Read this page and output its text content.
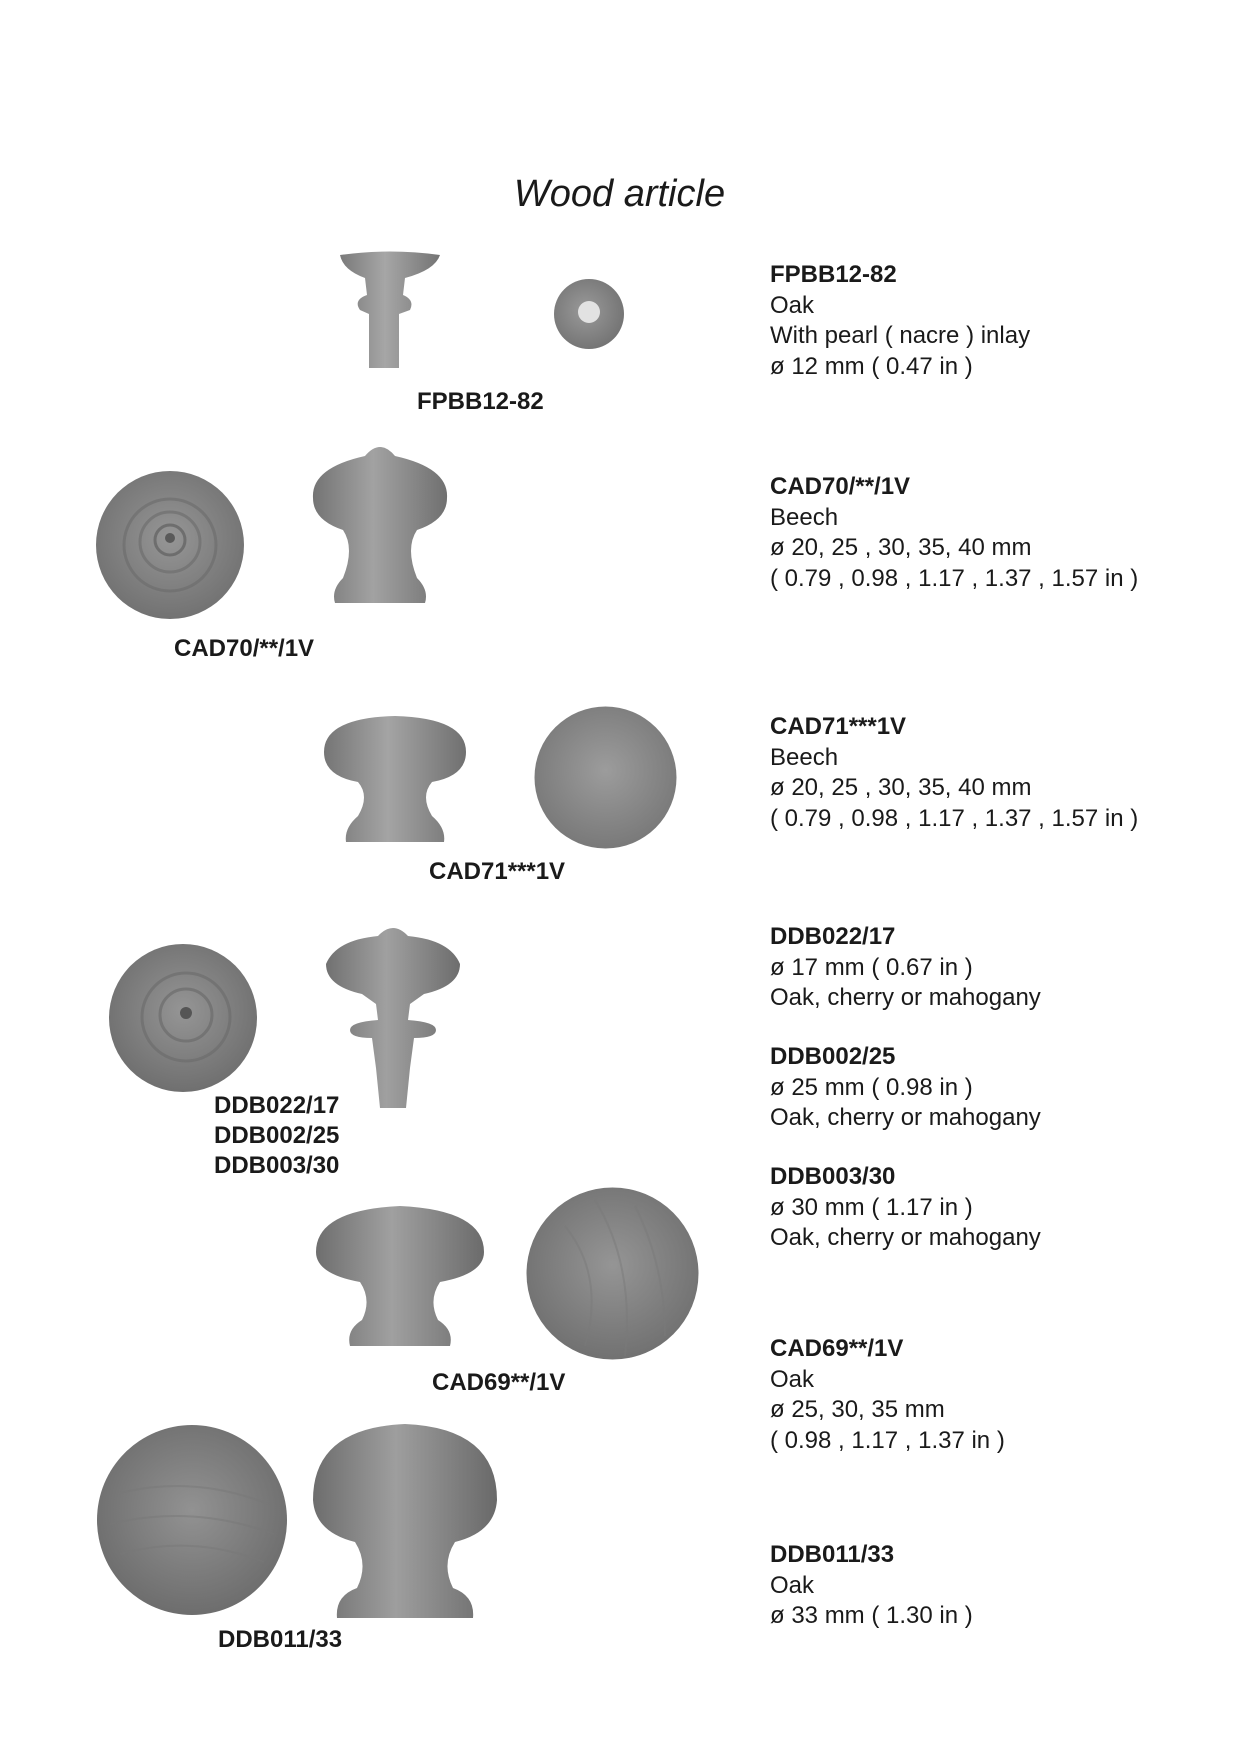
Wood article
FPBB12-82
FPBB12-82
Oak
With pearl ( nacre ) inlay
ø 12 mm ( 0.47 in )
CAD70/**/1V
CAD70/**/1V
Beech
ø 20, 25 , 30, 35, 40 mm
( 0.79 , 0.98 , 1.17 , 1.37 , 1.57 in )
CAD71***1V
CAD71***1V
Beech
ø 20, 25 , 30, 35, 40 mm
( 0.79 , 0.98 , 1.17 , 1.37 , 1.57 in )
DDB022/17
DDB002/25
DDB003/30
DDB022/17
ø 17 mm ( 0.67 in )
Oak, cherry or mahogany
DDB002/25
ø 25 mm ( 0.98 in )
Oak, cherry or mahogany
DDB003/30
ø 30 mm ( 1.17 in )
Oak, cherry or mahogany
CAD69**/1V
CAD69**/1V
Oak
ø 25, 30, 35 mm
( 0.98 , 1.17 , 1.37 in )
DDB011/33
DDB011/33
Oak
ø 33 mm ( 1.30 in )
